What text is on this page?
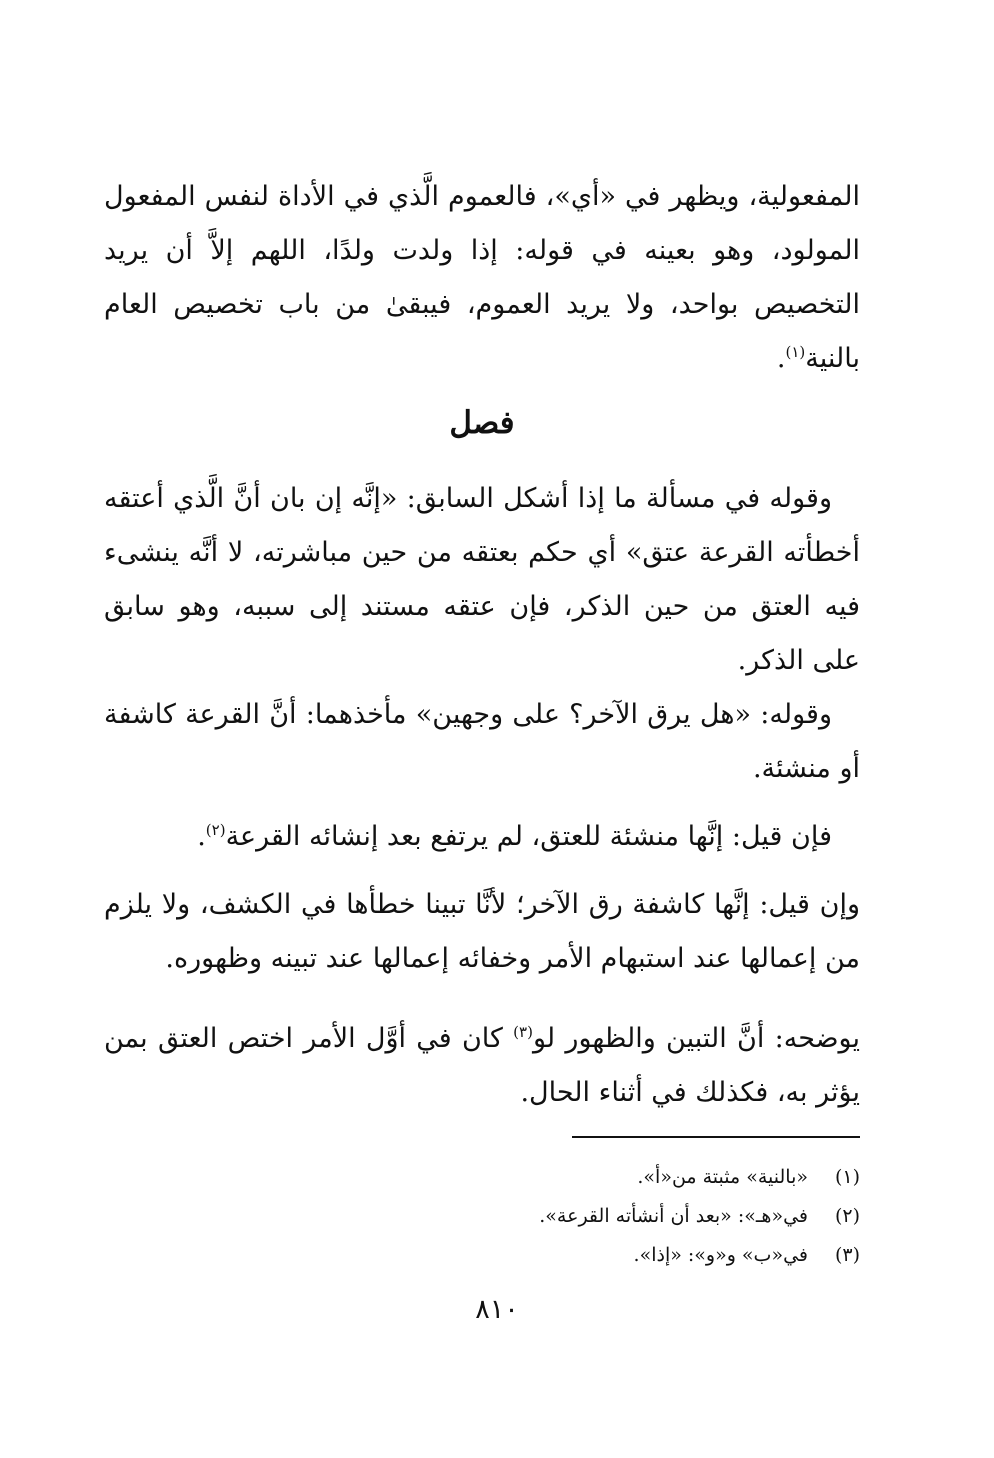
المفعولية، ويظهر في «أي»، فالعموم الَّذي في الأداة لنفس المفعول المولود، وهو بعينه في قوله: إذا ولدت ولدًا، اللهم إلاَّ أن يريد التخصيص بواحد، ولا يريد العموم، فيبقىٰ من باب تخصيص العام بالنية$^{(١)}$.

فصل

وقوله في مسألة ما إذا أشكل السابق: «إنَّه إن بان أنَّ الَّذي أعتقه أخطأته القرعة عتق» أي حكم بعتقه من حين مباشرته، لا أنَّه ينشىء فيه العتق من حين الذكر، فإن عتقه مستند إلى سببه، وهو سابق على الذكر.

وقوله: «هل يرق الآخر؟ على وجهين» مأخذهما: أنَّ القرعة كاشفة أو منشئة.

فإن قيل: إنَّها منشئة للعتق، لم يرتفع بعد إنشائه القرعة$^{(٢)}$.

وإن قيل: إنَّها كاشفة رق الآخر؛ لأنَّا تبينا خطأها في الكشف، ولا يلزم من إعمالها عند استبهام الأمر وخفائه إعمالها عند تبينه وظهوره.

يوضحه: أنَّ التبين والظهور لو$^{(٣)}$ كان في أوَّل الأمر اختص العتق بمن يؤثر به، فكذلك في أثناء الحال.

(١)«بالنية» مثبتة من«أ».
(٢)في«هـ»: «بعد أن أنشأته القرعة».
(٣)في«ب» و«و»: «إذا».
٨١٠
